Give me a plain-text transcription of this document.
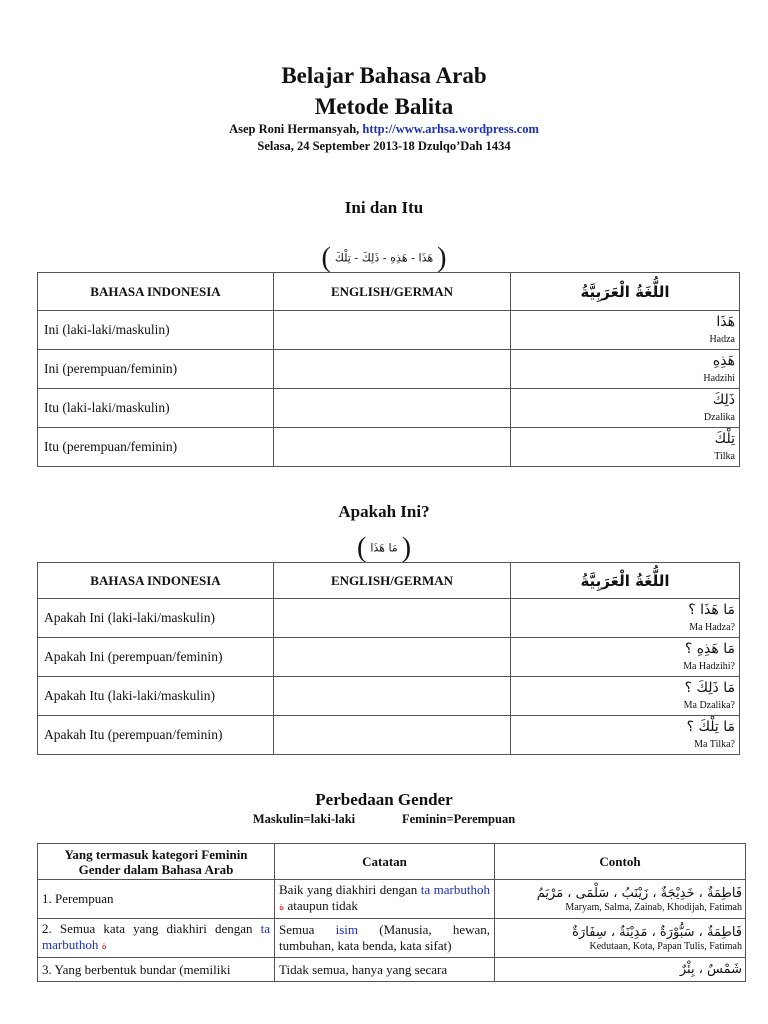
Belajar Bahasa Arab
Metode Balita
Asep Roni Hermansyah, http://www.arhsa.wordpress.com
Selasa, 24 September 2013-18 Dzulqo’Dah 1434
Ini dan Itu
( هَذَا - هَذِهِ - ذَلِكَ - تِلْكَ )
BAHASA INDONESIA	ENGLISH/GERMAN	اللُّغَةُ الْعَرَبِيَّةُ
Ini (laki-laki/maskulin)		هَذَا
Hadza

Ini (perempuan/feminin)		هَذِهِ
Hadzihi

Itu (laki-laki/maskulin)		ذَلِكَ
Dzalika

Itu (perempuan/feminin)		تِلْكَ
Tilka
Apakah Ini?
( مَا هَذَا )
BAHASA INDONESIA	ENGLISH/GERMAN	اللُّغَةُ الْعَرَبِيَّةُ
Apakah Ini (laki-laki/maskulin)		مَا هَذَا ؟
Ma Hadza?

Apakah Ini (perempuan/feminin)		مَا هَذِهِ ؟
Ma Hadzihi?

Apakah Itu (laki-laki/maskulin)		مَا ذَلِكَ ؟
Ma Dzalika?

Apakah Itu (perempuan/feminin)		مَا تِلْكَ ؟
Ma Tilka?
Perbedaan Gender
Maskulin=laki-laki	Feminin=Perempuan
Yang termasuk kategori Feminin Gender dalam Bahasa Arab	Catatan	Contoh
1. Perempuan	Baik yang diakhiri dengan ta marbuthoh ة ataupun tidak	فَاطِمَةٌ ، خَدِيْجَةٌ ، زَيْنَبُ ، سَلْمَى ، مَرْيَمُ
Maryam, Salma, Zainab, Khodijah, Fatimah

2. Semua kata yang diakhiri dengan ta marbuthoh ة	Semua isim (Manusia, hewan, tumbuhan, kata benda, kata sifat)	فَاطِمَةٌ ، سَبُّوْرَةٌ ، مَدِيْنَةٌ ، سِفَارَةٌ
Kedutaan, Kota, Papan Tulis, Fatimah

3. Yang berbentuk bundar (memiliki	Tidak semua, hanya yang secara	شَمْسٌ ، بِئْرٌ
